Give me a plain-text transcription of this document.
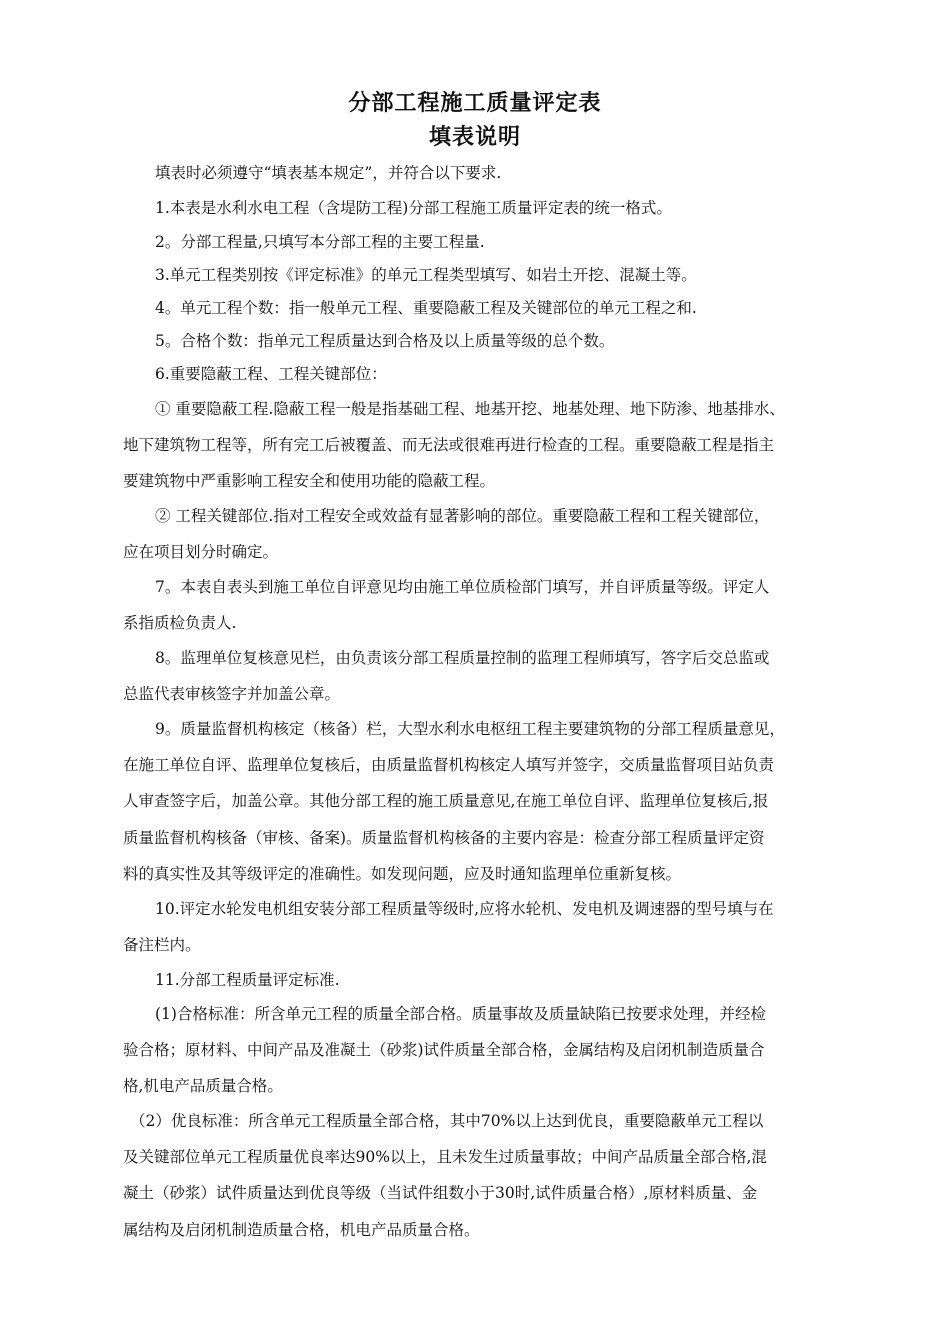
分部工程施工质量评定表
填表说明
填表时必须遵守“填表基本规定”，并符合以下要求.
1.本表是水利水电工程（含堤防工程)分部工程施工质量评定表的统一格式。
2。分部工程量,只填写本分部工程的主要工程量.
3.单元工程类别按《评定标准》的单元工程类型填写、如岩土开挖、混凝土等。
4。单元工程个数：指一般单元工程、重要隐蔽工程及关键部位的单元工程之和.
5。合格个数：指单元工程质量达到合格及以上质量等级的总个数。
6.重要隐蔽工程、工程关键部位：
① 重要隐蔽工程.隐蔽工程一般是指基础工程、地基开挖、地基处理、地下防渗、地基排水、
地下建筑物工程等，所有完工后被覆盖、而无法或很难再进行检查的工程。重要隐蔽工程是指主
要建筑物中严重影响工程安全和使用功能的隐蔽工程。
② 工程关键部位.指对工程安全或效益有显著影响的部位。重要隐蔽工程和工程关键部位，
应在项目划分时确定。
7。本表自表头到施工单位自评意见均由施工单位质检部门填写，并自评质量等级。评定人
系指质检负责人.
8。监理单位复核意见栏，由负责该分部工程质量控制的监理工程师填写，答字后交总监或
总监代表审核签字并加盖公章。
9。质量监督机构核定（核备）栏，大型水利水电枢纽工程主要建筑物的分部工程质量意见，
在施工单位自评、监理单位复核后，由质量监督机构核定人填写并签字，交质量监督项目站负责
人审查签字后，加盖公章。其他分部工程的施工质量意见,在施工单位自评、监理单位复核后,报
质量监督机构核备（审核、备案)。质量监督机构核备的主要内容是：检查分部工程质量评定资
料的真实性及其等级评定的准确性。如发现问题，应及时通知监理单位重新复核。
10.评定水轮发电机组安装分部工程质量等级时,应将水轮机、发电机及调速器的型号填与在
备注栏内。
11.分部工程质量评定标准.
(1)合格标准：所含单元工程的质量全部合格。质量事故及质量缺陷已按要求处理，并经检
验合格；原材料、中间产品及准凝土（砂浆)试件质量全部合格，金属结构及启闭机制造质量合
格,机电产品质量合格。
（2）优良标准：所含单元工程质量全部合格，其中70%以上达到优良，重要隐蔽单元工程以
及关键部位单元工程质量优良率达90%以上，且未发生过质量事故；中间产品质量全部合格,混
凝土（砂浆）试件质量达到优良等级（当试件组数小于30时,试件质量合格）,原材料质量、金
属结构及启闭机制造质量合格，机电产品质量合格。
